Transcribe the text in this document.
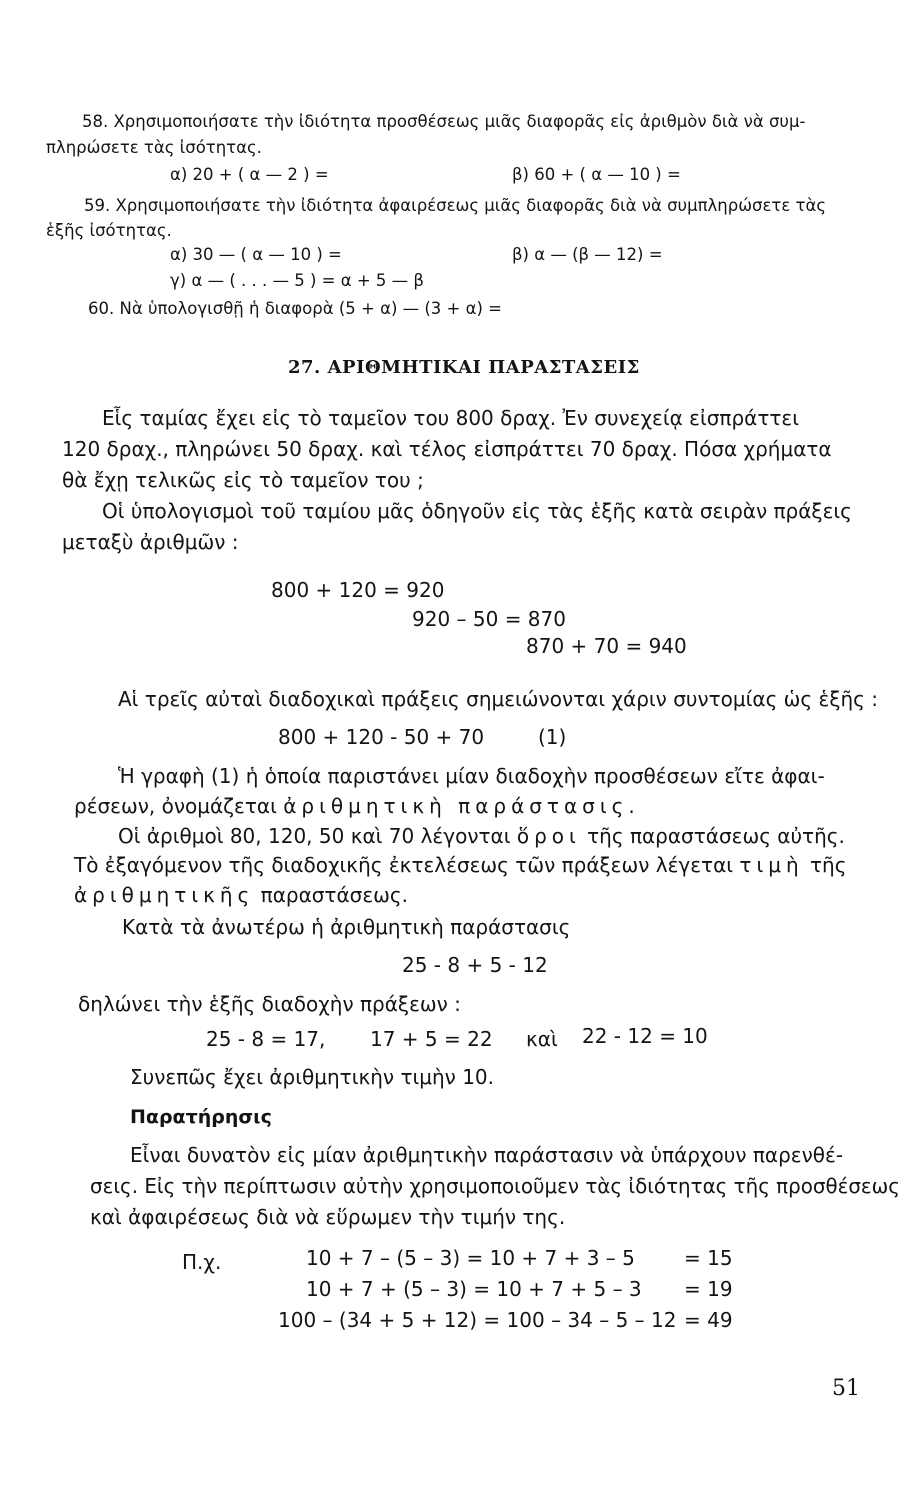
58. Χρησιμοποιήσατε τὴν ἰδιότητα προσθέσεως μιᾶς διαφορᾶς εἰς ἀριθμὸν διὰ νὰ συμ-
πληρώσετε τὰς ἰσότητας.
α) 20 + ( α — 2 ) =	β) 60 + ( α — 10 ) =
59. Χρησιμοποιήσατε τὴν ἰδιότητα ἀφαιρέσεως μιᾶς διαφορᾶς διὰ νὰ συμπληρώσετε τὰς
ἑξῆς ἰσότητας.
α) 30 — ( α — 10 ) =	β) α — (β — 12) =
γ) α — ( . . . — 5 ) = α + 5 — β
60. Νὰ ὑπολογισθῇ ἡ διαφορὰ (5 + α) — (3 + α) =
27. ΑΡΙΘΜΗΤΙΚΑΙ ΠΑΡΑΣΤΑΣΕΙΣ
Εἷς ταμίας ἔχει εἰς τὸ ταμεῖον του 800 δραχ. Ἐν συνεχείᾳ εἰσπράττει
120 δραχ., πληρώνει 50 δραχ. καὶ τέλος εἰσπράττει 70 δραχ. Πόσα χρήματα
θὰ ἔχῃ τελικῶς εἰς τὸ ταμεῖον του ;
Οἱ ὑπολογισμοὶ τοῦ ταμίου μᾶς ὁδηγοῦν εἰς τὰς ἑξῆς κατὰ σειρὰν πράξεις
μεταξὺ ἀριθμῶν :
800 + 120 = 920
920 – 50 = 870
870 + 70 = 940
Αἱ τρεῖς αὐταὶ διαδοχικαὶ πράξεις σημειώνονται χάριν συντομίας ὡς ἑξῆς :
800 + 120 - 50 + 70	(1)
Ἡ γραφὴ (1) ἡ ὁποία παριστάνει μίαν διαδοχὴν προσθέσεων εἴτε ἀφαι-
ρέσεων, ὀνομάζεται ἀριθμητικὴ παράστασις.
Οἱ ἀριθμοὶ 80, 120, 50 καὶ 70 λέγονται ὅροι τῆς παραστάσεως αὐτῆς.
Τὸ ἐξαγόμενον τῆς διαδοχικῆς ἐκτελέσεως τῶν πράξεων λέγεται τιμὴ τῆς
ἀριθμητικῆς παραστάσεως.
Κατὰ τὰ ἀνωτέρω ἡ ἀριθμητικὴ παράστασις
25 - 8 + 5 - 12
δηλώνει τὴν ἑξῆς διαδοχὴν πράξεων :
25 - 8 = 17, 17 + 5 = 22 καὶ 22 - 12 = 10
Συνεπῶς ἔχει ἀριθμητικὴν τιμὴν 10.
Παρατήρησις
Εἶναι δυνατὸν εἰς μίαν ἀριθμητικὴν παράστασιν νὰ ὑπάρχουν παρενθέ-
σεις. Εἰς τὴν περίπτωσιν αὐτὴν χρησιμοποιοῦμεν τὰς ἰδιότητας τῆς προσθέσεως
καὶ ἀφαιρέσεως διὰ νὰ εὕρωμεν τὴν τιμήν της.
Π.χ.	10 + 7 – (5 – 3) = 10 + 7 + 3 – 5 = 15
10 + 7 + (5 – 3) = 10 + 7 + 5 – 3 = 19
100 – (34 + 5 + 12) = 100 – 34 – 5 – 12 = 49
51
